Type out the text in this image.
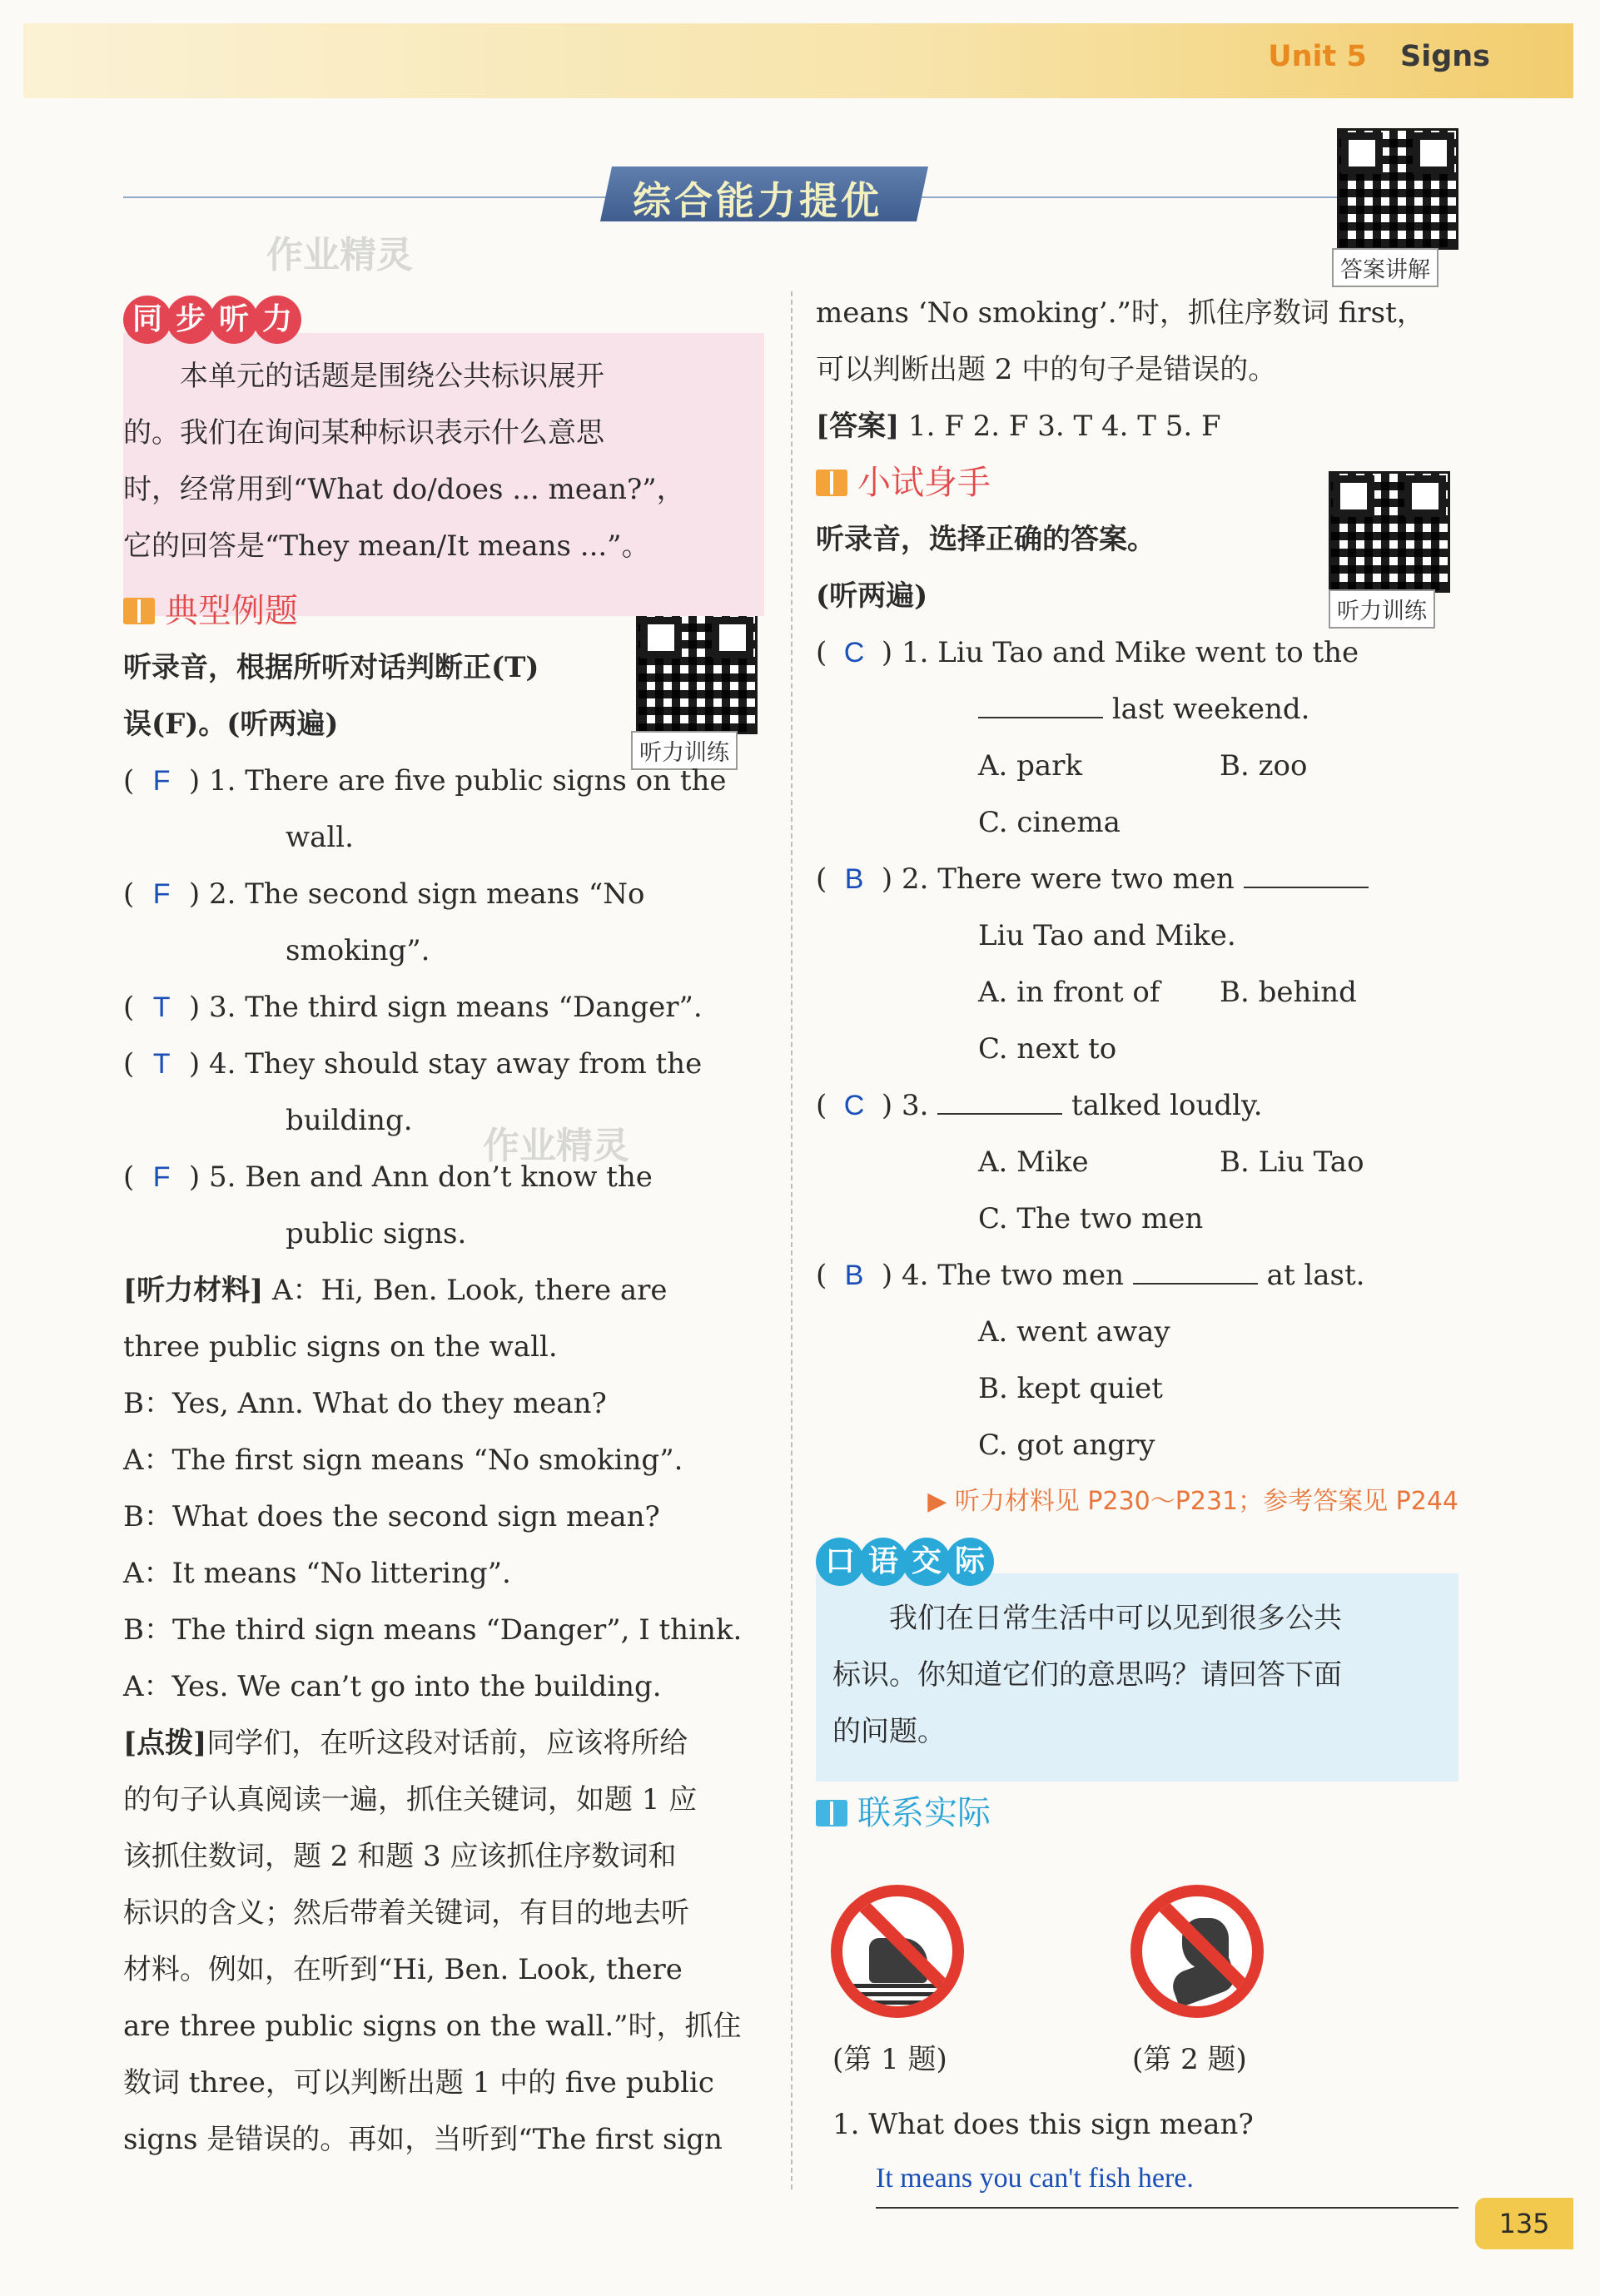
Unit 5 Signs
综合能力提优
作业精灵
作业精灵
答案讲解
听力训练
听力训练
同 步 听 力

本单元的话题是围绕公共标识展开

的。我们在询问某种标识表示什么意思

时，经常用到“What do/does ... mean?”，

它的回答是“They mean/It means ...”。

典型例题

听录音，根据所听对话判断正(T)

误(F)。(听两遍)

( F ) 1. There are five public signs on the

wall.

( F ) 2. The second sign means “No

smoking”.

( T ) 3. The third sign means “Danger”.

( T ) 4. They should stay away from the

building.

( F ) 5. Ben and Ann don’t know the

public signs.

[听力材料] A：Hi, Ben. Look, there are

three public signs on the wall.

B：Yes, Ann. What do they mean?

A：The first sign means “No smoking”.

B：What does the second sign mean?

A：It means “No littering”.

B：The third sign means “Danger”, I think.

A：Yes. We can’t go into the building.

[点拨]同学们，在听这段对话前，应该将所给

的句子认真阅读一遍，抓住关键词，如题 1 应

该抓住数词，题 2 和题 3 应该抓住序数词和

标识的含义；然后带着关键词，有目的地去听

材料。例如，在听到“Hi, Ben. Look, there

are three public signs on the wall.”时，抓住

数词 three，可以判断出题 1 中的 five public

signs 是错误的。再如，当听到“The first sign

means ‘No smoking’.”时，抓住序数词 first，

可以判断出题 2 中的句子是错误的。

[答案] 1. F 2. F 3. T 4. T 5. F

小试身手

听录音，选择正确的答案。

(听两遍)

( C ) 1. Liu Tao and Mike went to the

last weekend.

A. park	B. zoo

C. cinema

( B ) 2. There were two men

Liu Tao and Mike.

A. in front of B. behind

C. next to

( C ) 3.	talked loudly.

A. Mike	B. Liu Tao

C. The two men

( B ) 4. The two men	at last.

A. went away

B. kept quiet

C. got angry

▶ 听力材料见 P230～P231；参考答案见 P244

口 语 交 际

我们在日常生活中可以见到很多公共

标识。你知道它们的意思吗？请回答下面

的问题。

联系实际
(第 1 题)	(第 2 题)
1. What does this sign mean?
It means you can't fish here.
135
